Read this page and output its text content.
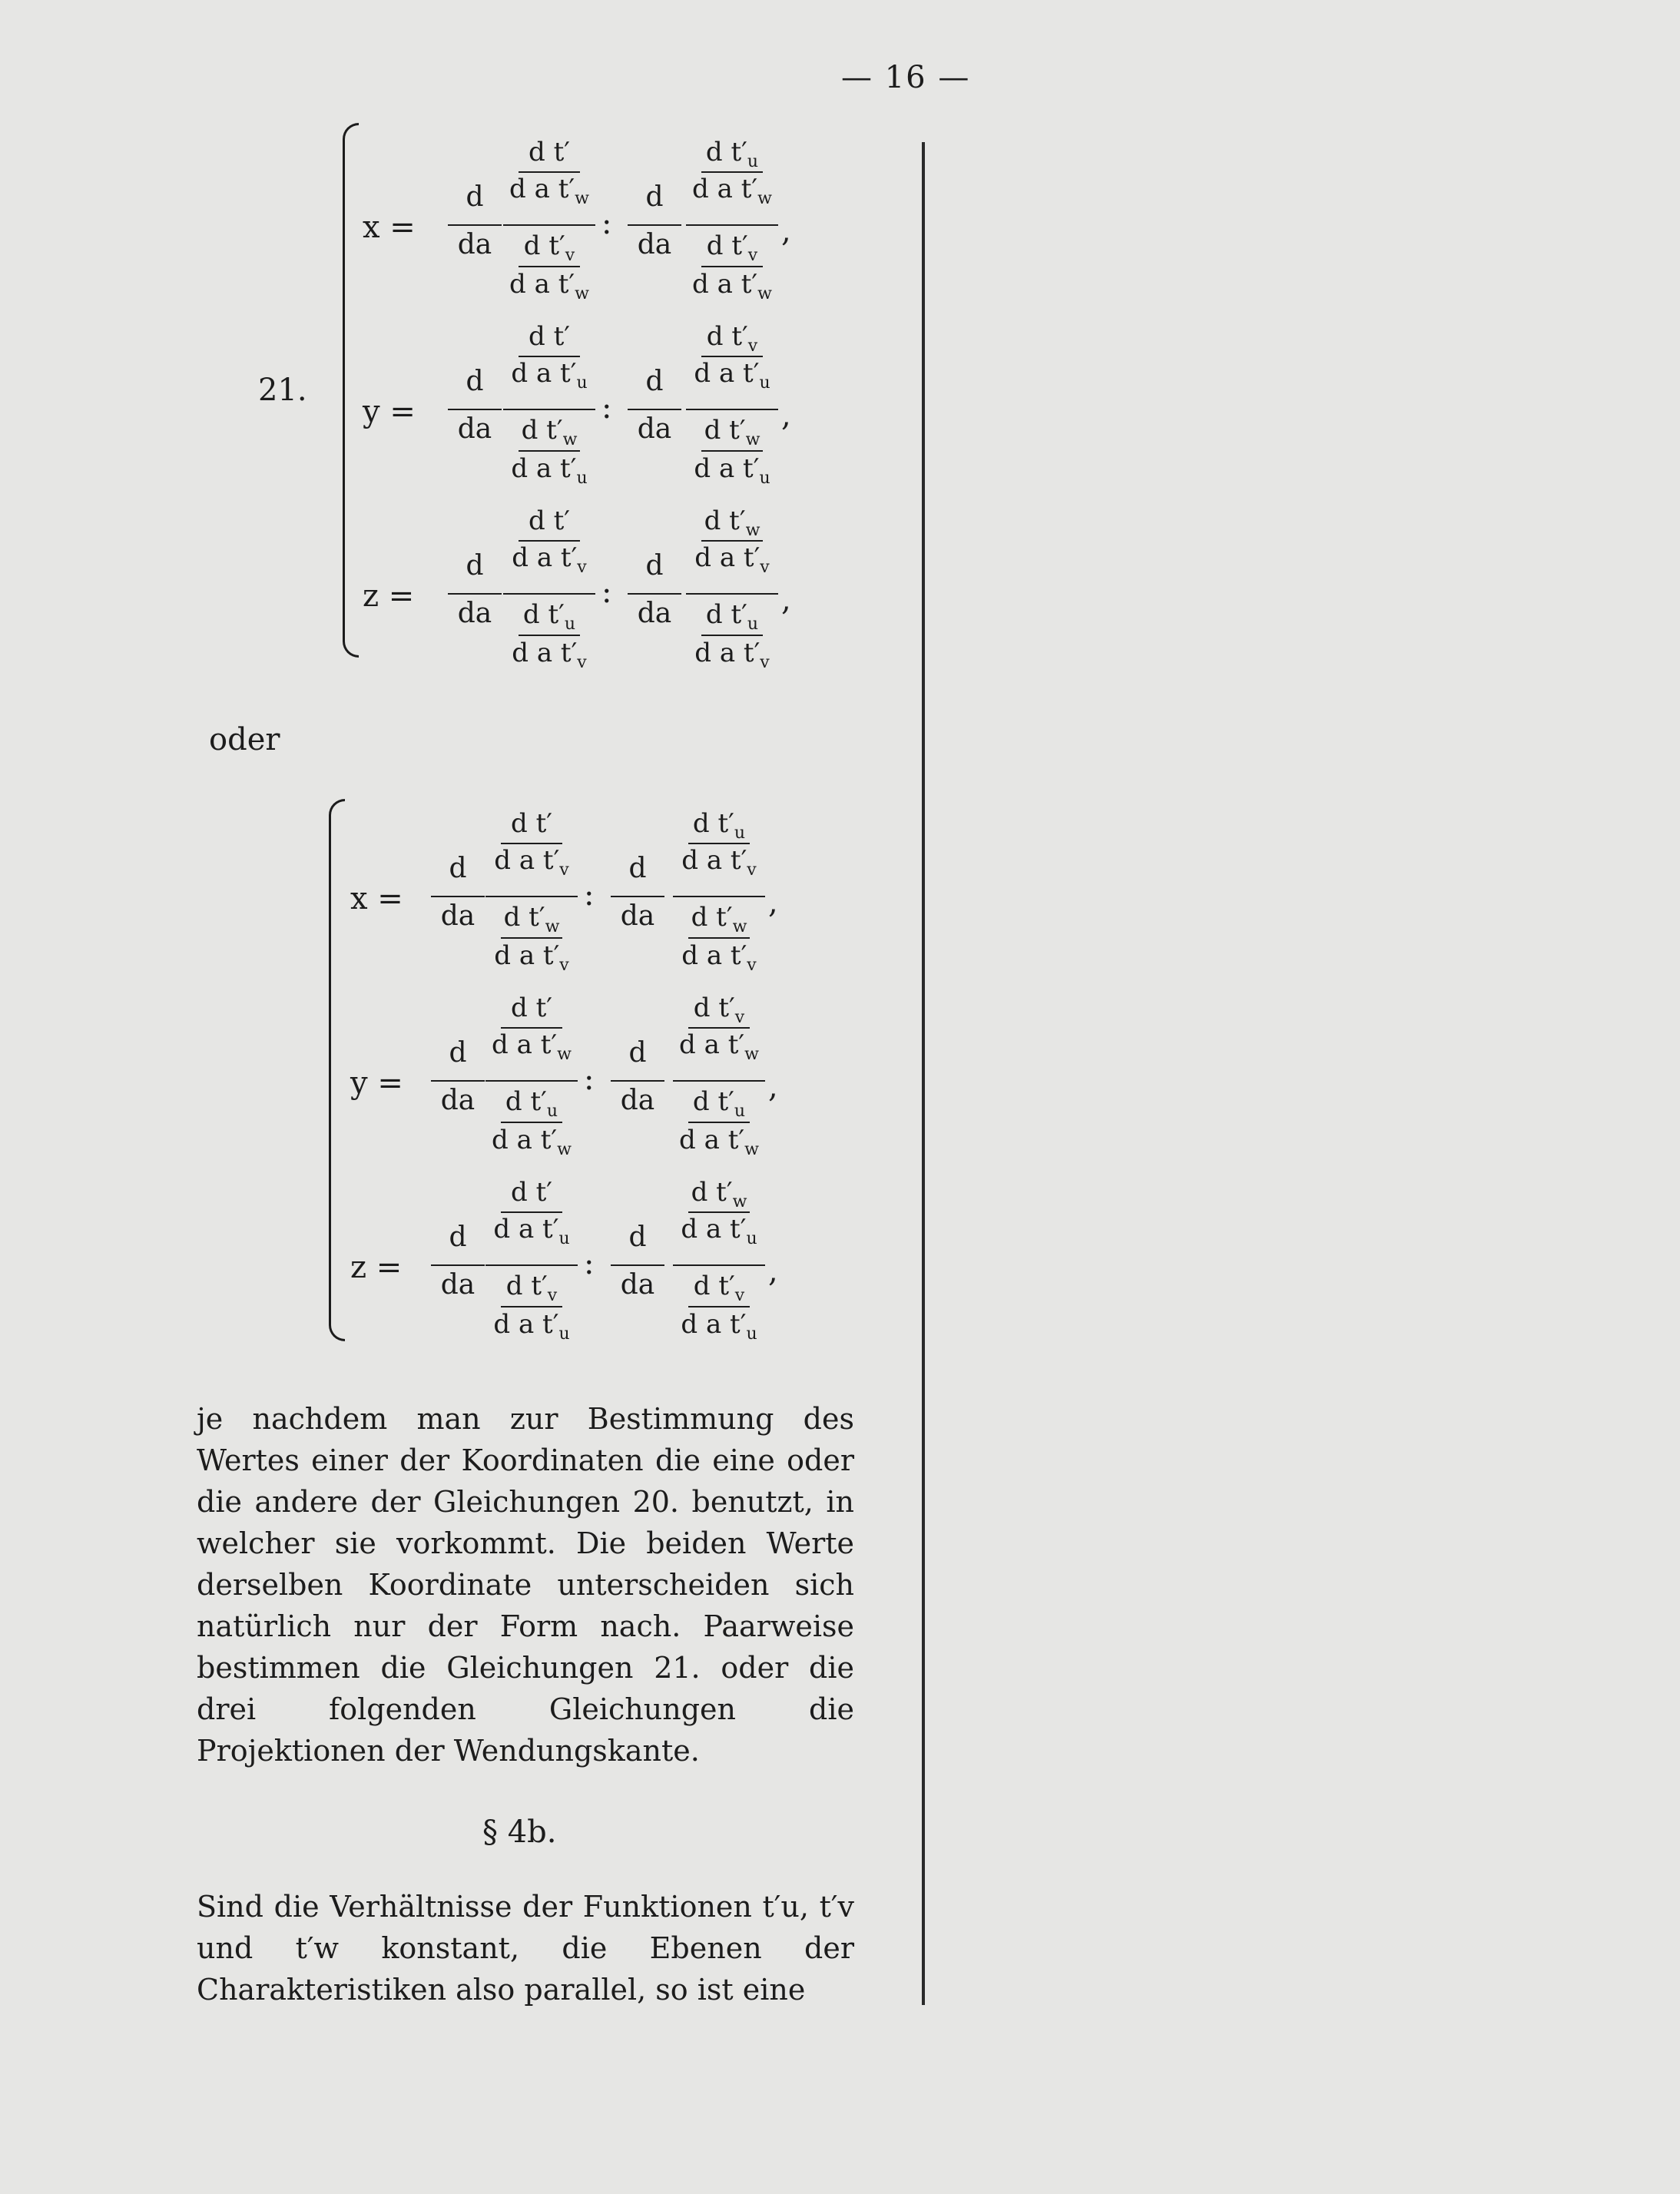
— 16 —
21.
oder
je nachdem man zur Bestimmung des Wertes einer der Koordinaten die eine oder die andere der Gleichungen 20. benutzt, in welcher sie vorkommt. Die beiden Werte derselben Koordinate unterscheiden sich natürlich nur der Form nach. Paarweise bestimmen die Gleichungen 21. oder die drei folgenden Gleichungen die Projektionen der Wendungskante.
§ 4b.
Sind die Verhältnisse der Funktionen t′u, t′v und t′w konstant, die Ebenen der Charakteristiken also parallel, so ist eine
x =
d
da
d t′
d a $t'_w$
d $t'_v$
d a $t'_w$
:
d
da
d $t'_u$
d a $t'_w$
d $t'_v$
d a $t'_w$
,
y =
d
da
d t′
d a $t'_u$
d $t'_w$
d a $t'_u$
:
d
da
d $t'_v$
d a $t'_u$
d $t'_w$
d a $t'_u$
,
z =
d
da
d t′
d a $t'_v$
d $t'_u$
d a $t'_v$
:
d
da
d $t'_w$
d a $t'_v$
d $t'_u$
d a $t'_v$
,
x =
d
da
d t′
d a $t'_v$
d $t'_w$
d a $t'_v$
:
d
da
d $t'_u$
d a $t'_v$
d $t'_w$
d a $t'_v$
,
y =
d
da
d t′
d a $t'_w$
d $t'_u$
d a $t'_w$
:
d
da
d $t'_v$
d a $t'_w$
d $t'_u$
d a $t'_w$
,
z =
d
da
d t′
d a $t'_u$
d $t'_v$
d a $t'_u$
:
d
da
d $t'_w$
d a $t'_u$
d $t'_v$
d a $t'_u$
,
